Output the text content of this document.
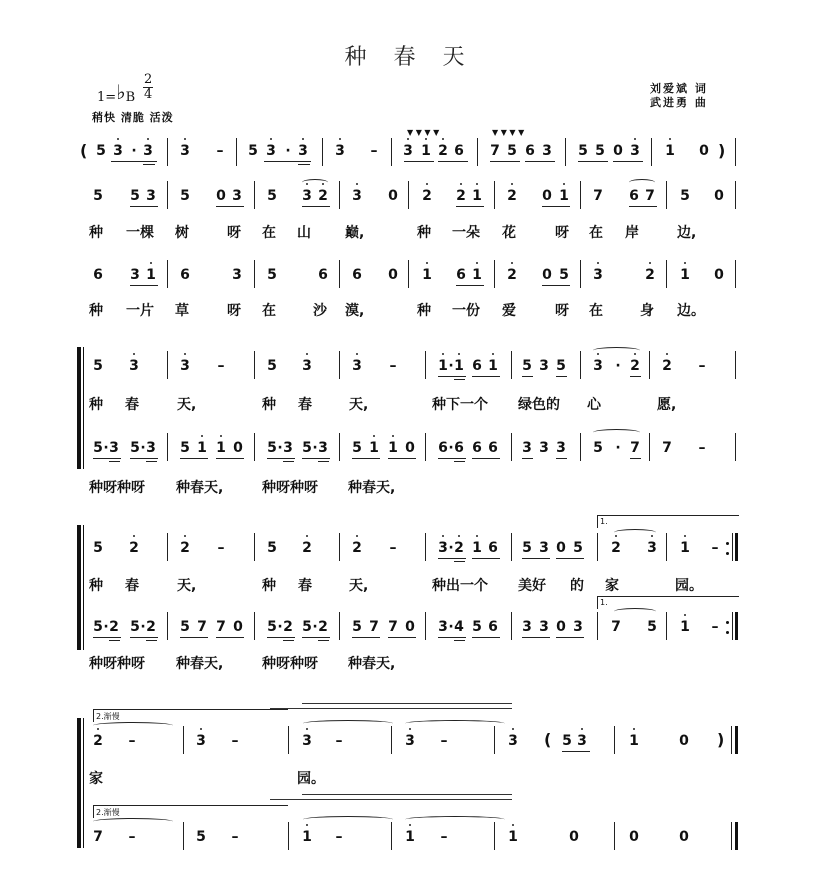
种 春 天
1=♭B
2
4
稍快 清脆 活泼
刘爱斌 词
武进勇 曲
( 5 3 · 3 3 – 5 3 · 3 3 –
▼ ▼ ▼ ▼
3 1 2 6
▼ ▼ ▼ ▼
7 5 6 3 5 5 0 3 1 0 )
5 5 3 5 0 3 5 3 2 3 0 2 2 1 2 0 1 7 6 7 5 0
种 一棵 树	呀 在 山 巅,	种 一朵 花	呀 在 岸	边,
6 3 1 6	3 5	6 6 0 1 6 1 2 0 5 3	2 1 0
种 一片 草	呀 在	沙 漠,	种 一份 爱	呀 在	身 边。
5 3	3 –	5 3	3 –	1 · 1 6 1 5 3 5 3 · 2 2 –
种 春	天,	种 春	天,	种下一个 绿色的 心	愿,
5 · 3 5 · 3 5 1 1 0 5 · 3 5 · 3 5 1 1 0 6 · 6 6 6 3 3 3 5 · 7 7 –
种呀种呀 种春天,	种呀种呀 种春天,
1.
1.
5 2	2 –	5 2	2 –	3 · 2 1 6 5 3 0 5 2 3 1 –
种 春	天,	种 春	天,	种出一个 美好 的 家	园。
5 · 2 5 · 2 5 7 7 0 5 · 2 5 · 2 5 7 7 0 3 · 4 5 6 3 3 0 3 7 5 1 –
种呀种呀 种春天,	种呀种呀 种春天,
2.渐慢
2 –	3 –	3 –	3 –	3 ( 5 3	1	0 )
家	园。
2.渐慢
7 –	5 –	1 –	1 –	1	0	0	0
